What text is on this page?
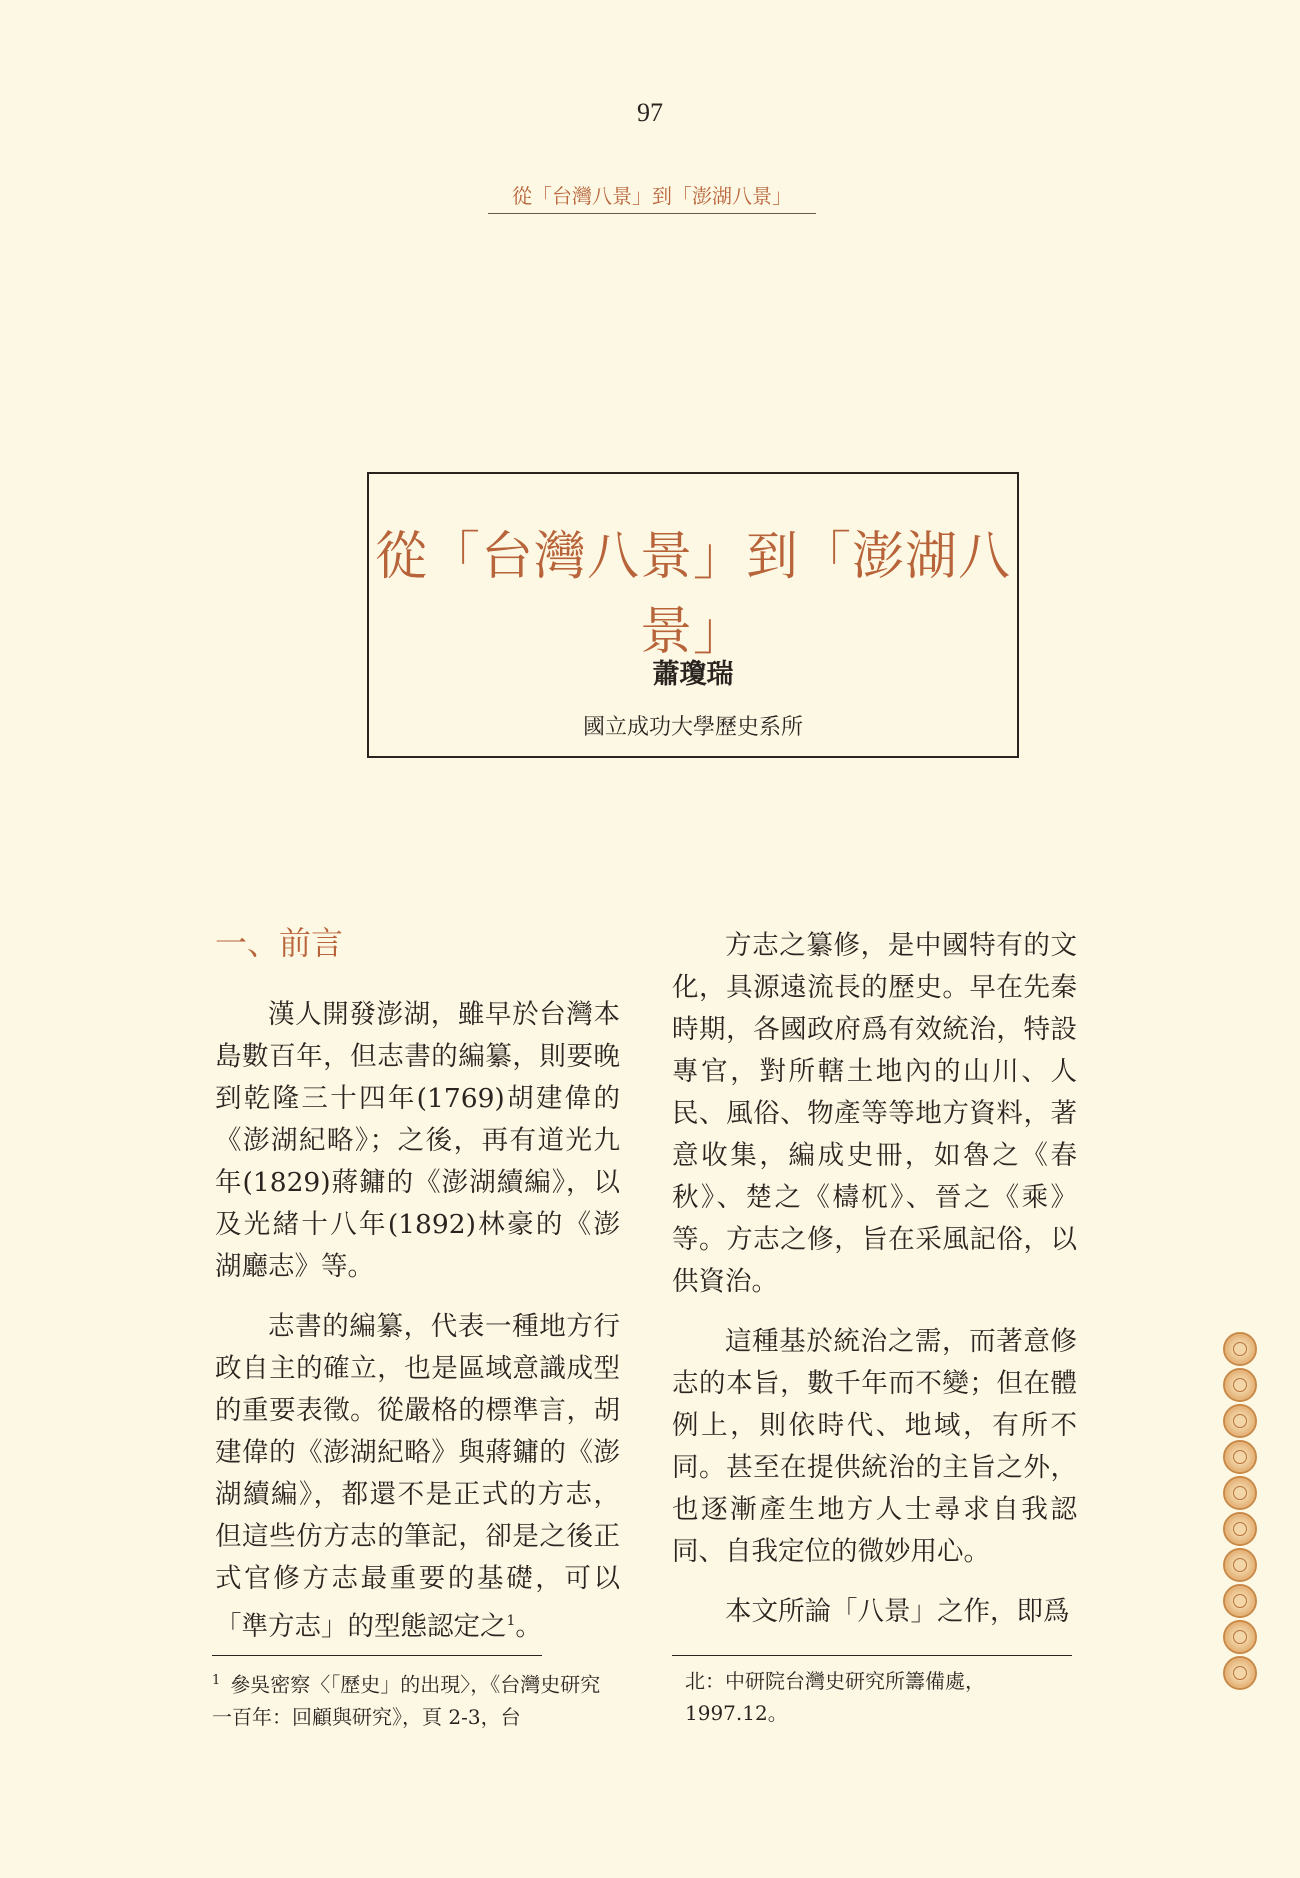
97
從「台灣八景」到「澎湖八景」
從「台灣八景」到「澎湖八景」
蕭瓊瑞
國立成功大學歷史系所
一、前言

漢人開發澎湖，雖早於台灣本島數百年，但志書的編纂，則要晚到乾隆三十四年(1769)胡建偉的《澎湖紀略》；之後，再有道光九年(1829)蔣鏞的《澎湖續編》，以及光緒十八年(1892)林豪的《澎湖廳志》等。

志書的編纂，代表一種地方行政自主的確立，也是區域意識成型的重要表徵。從嚴格的標準言，胡建偉的《澎湖紀略》與蔣鏞的《澎湖續編》，都還不是正式的方志，但這些仿方志的筆記，卻是之後正式官修方志最重要的基礎，可以「準方志」的型態認定之$^1$。

方志之纂修，是中國特有的文化，具源遠流長的歷史。早在先秦時期，各國政府爲有效統治，特設專官，對所轄土地內的山川、人民、風俗、物產等等地方資料，著意收集，編成史冊，如魯之《春秋》、楚之《檮杌》、晉之《乘》等。方志之修，旨在采風記俗，以供資治。

這種基於統治之需，而著意修志的本旨，數千年而不變；但在體例上，則依時代、地域，有所不同。甚至在提供統治的主旨之外，也逐漸產生地方人士尋求自我認同、自我定位的微妙用心。

本文所論「八景」之作，即爲

$^1$ 參吳密察〈「歷史」的出現〉，《台灣史研究一百年：回顧與研究》，頁 2-3，台
北：中研院台灣史研究所籌備處，1997.12。
